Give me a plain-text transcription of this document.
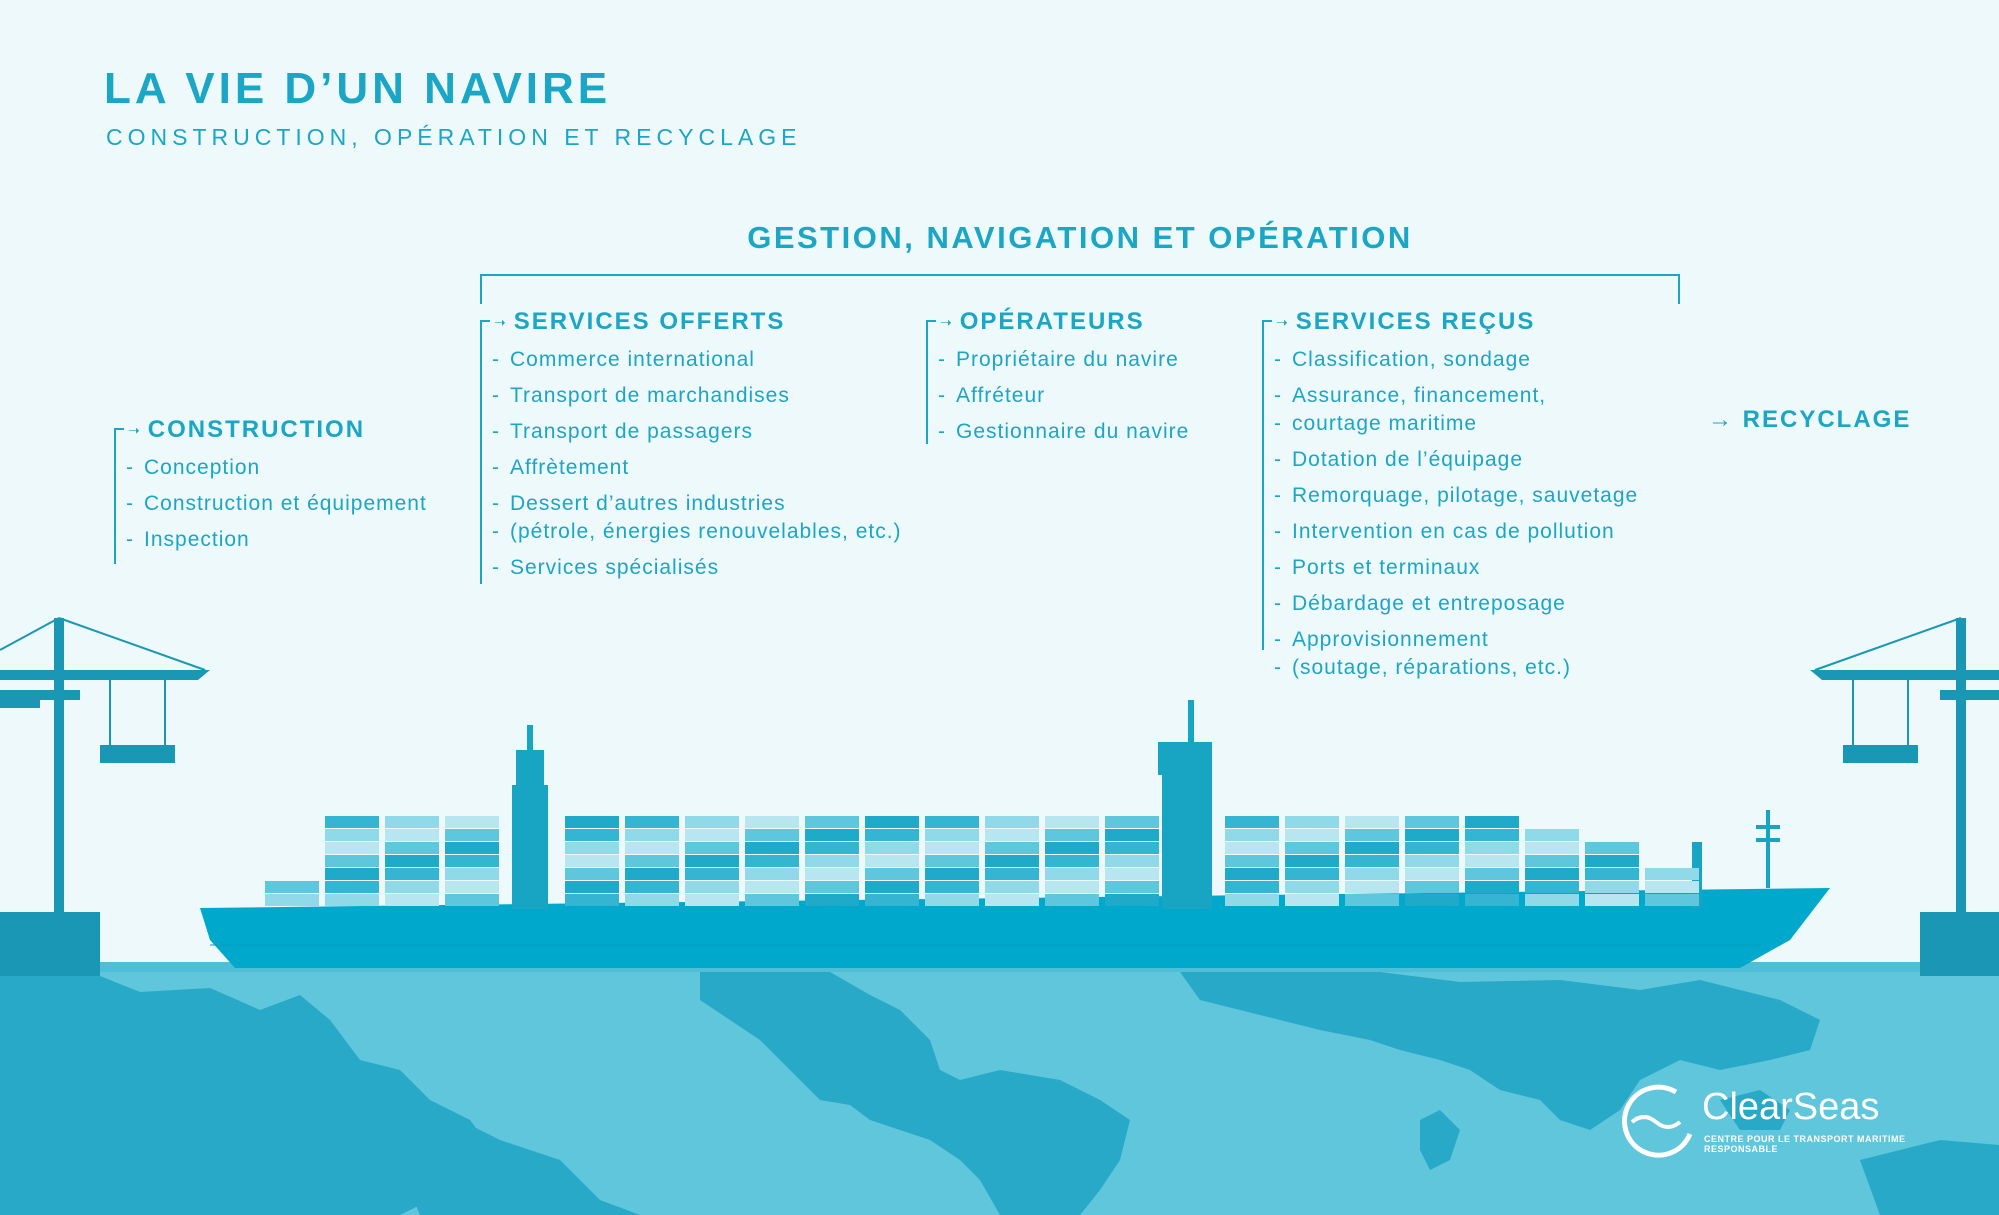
LA VIE D’UN NAVIRE
CONSTRUCTION, OPÉRATION ET RECYCLAGE
GESTION, NAVIGATION ET OPÉRATION
➝ CONSTRUCTION
- Conception
- Construction et équipement
- Inspection
➝ SERVICES OFFERTS
- Commerce international
- Transport de marchandises
- Transport de passagers
- Affrètement
- Dessert d’autres industries
- (pétrole, énergies renouvelables, etc.)
- Services spécialisés
➝ OPÉRATEURS
- Propriétaire du navire
- Affréteur
- Gestionnaire du navire
➝ SERVICES REÇUS
- Classification, sondage
- Assurance, financement,
- courtage maritime
- Dotation de l’équipage
- Remorquage, pilotage, sauvetage
- Intervention en cas de pollution
- Ports et terminaux
- Débardage et entreposage
- Approvisionnement
- (soutage, réparations, etc.)
→ RECYCLAGE
ClearSeas
CENTRE POUR LE TRANSPORT MARITIME RESPONSABLE
